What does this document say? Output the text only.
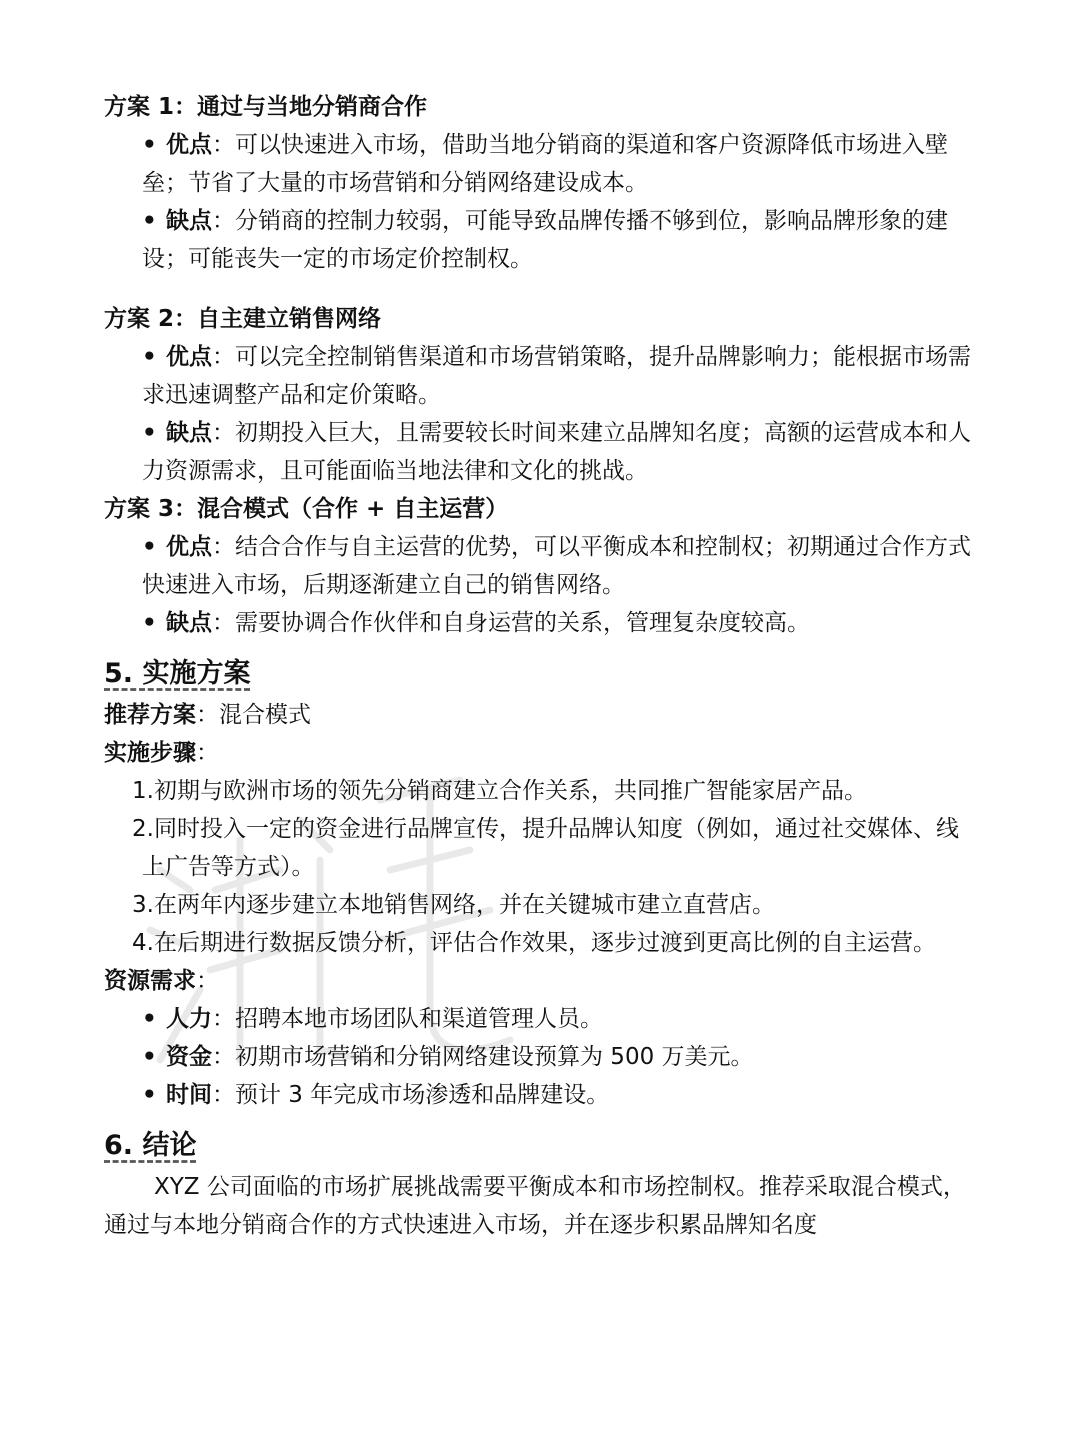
方案 1：通过与当地分销商合作
• 优点：可以快速进入市场，借助当地分销商的渠道和客户资源降低市场进入壁垒；节省了大量的市场营销和分销网络建设成本。
• 缺点：分销商的控制力较弱，可能导致品牌传播不够到位，影响品牌形象的建设；可能丧失一定的市场定价控制权。
方案 2：自主建立销售网络
• 优点：可以完全控制销售渠道和市场营销策略，提升品牌影响力；能根据市场需求迅速调整产品和定价策略。
• 缺点：初期投入巨大，且需要较长时间来建立品牌知名度；高额的运营成本和人力资源需求，且可能面临当地法律和文化的挑战。
方案 3：混合模式（合作 + 自主运营）
• 优点：结合合作与自主运营的优势，可以平衡成本和控制权；初期通过合作方式快速进入市场，后期逐渐建立自己的销售网络。
• 缺点：需要协调合作伙伴和自身运营的关系，管理复杂度较高。
5. 实施方案
推荐方案：混合模式
实施步骤：
1.初期与欧洲市场的领先分销商建立合作关系，共同推广智能家居产品。
2.同时投入一定的资金进行品牌宣传，提升品牌认知度（例如，通过社交媒体、线上广告等方式）。
3.在两年内逐步建立本地销售网络，并在关键城市建立直营店。
4.在后期进行数据反馈分析，评估合作效果，逐步过渡到更高比例的自主运营。
资源需求：
• 人力：招聘本地市场团队和渠道管理人员。
• 资金：初期市场营销和分销网络建设预算为 500 万美元。
• 时间：预计 3 年完成市场渗透和品牌建设。
6. 结论
XYZ 公司面临的市场扩展挑战需要平衡成本和市场控制权。推荐采取混合模式，通过与本地分销商合作的方式快速进入市场，并在逐步积累品牌知名度
